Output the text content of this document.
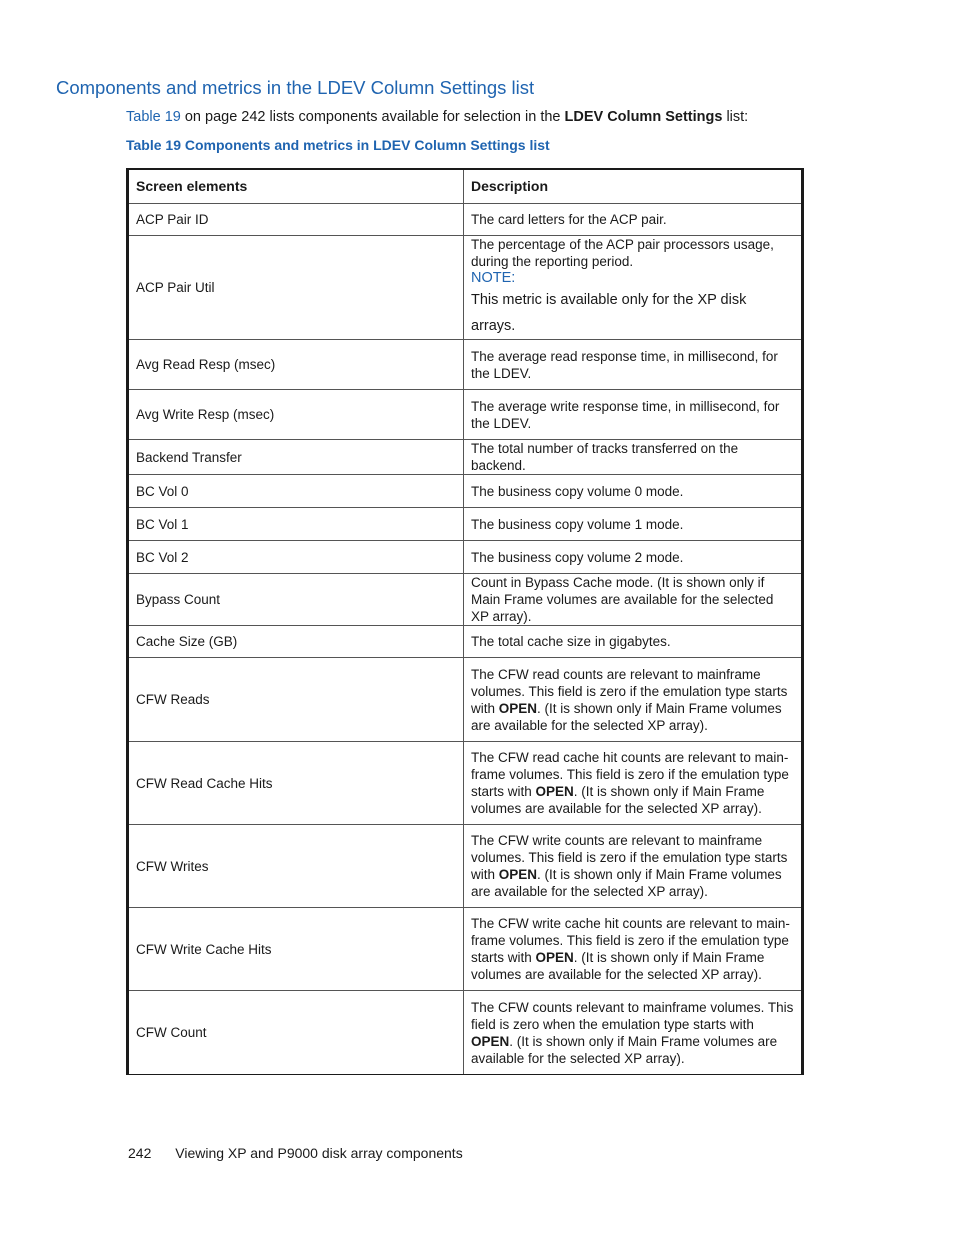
Components and metrics in the LDEV Column Settings list

Table 19 on page 242 lists components available for selection in the LDEV Column Settings list:

Table 19 Components and metrics in LDEV Column Settings list

Screen elements	Description
ACP Pair ID	The card letters for the ACP pair.
ACP Pair Util	The percentage of the ACP pair processors usage, during the reporting period.
NOTE:
This metric is available only for the XP disk arrays.

Avg Read Resp (msec)	The average read response time, in millisecond, for the LDEV.
Avg Write Resp (msec)	The average write response time, in millisecond, for the LDEV.
Backend Transfer	The total number of tracks transferred on the backend.
BC Vol 0	The business copy volume 0 mode.
BC Vol 1	The business copy volume 1 mode.
BC Vol 2	The business copy volume 2 mode.
Bypass Count	Count in Bypass Cache mode. (It is shown only if Main Frame volumes are available for the selected XP array).
Cache Size (GB)	The total cache size in gigabytes.
CFW Reads	The CFW read counts are relevant to mainframe volumes. This field is zero if the emulation type starts with OPEN. (It is shown only if Main Frame volumes are available for the selected XP array).
CFW Read Cache Hits	The CFW read cache hit counts are relevant to main-frame volumes. This field is zero if the emulation type starts with OPEN. (It is shown only if Main Frame volumes are available for the selected XP array).
CFW Writes	The CFW write counts are relevant to mainframe volumes. This field is zero if the emulation type starts with OPEN. (It is shown only if Main Frame volumes are available for the selected XP array).
CFW Write Cache Hits	The CFW write cache hit counts are relevant to main-frame volumes. This field is zero if the emulation type starts with OPEN. (It is shown only if Main Frame volumes are available for the selected XP array).
CFW Count	The CFW counts relevant to mainframe volumes. This field is zero when the emulation type starts with OPEN. (It is shown only if Main Frame volumes are available for the selected XP array).
242 Viewing XP and P9000 disk array components
